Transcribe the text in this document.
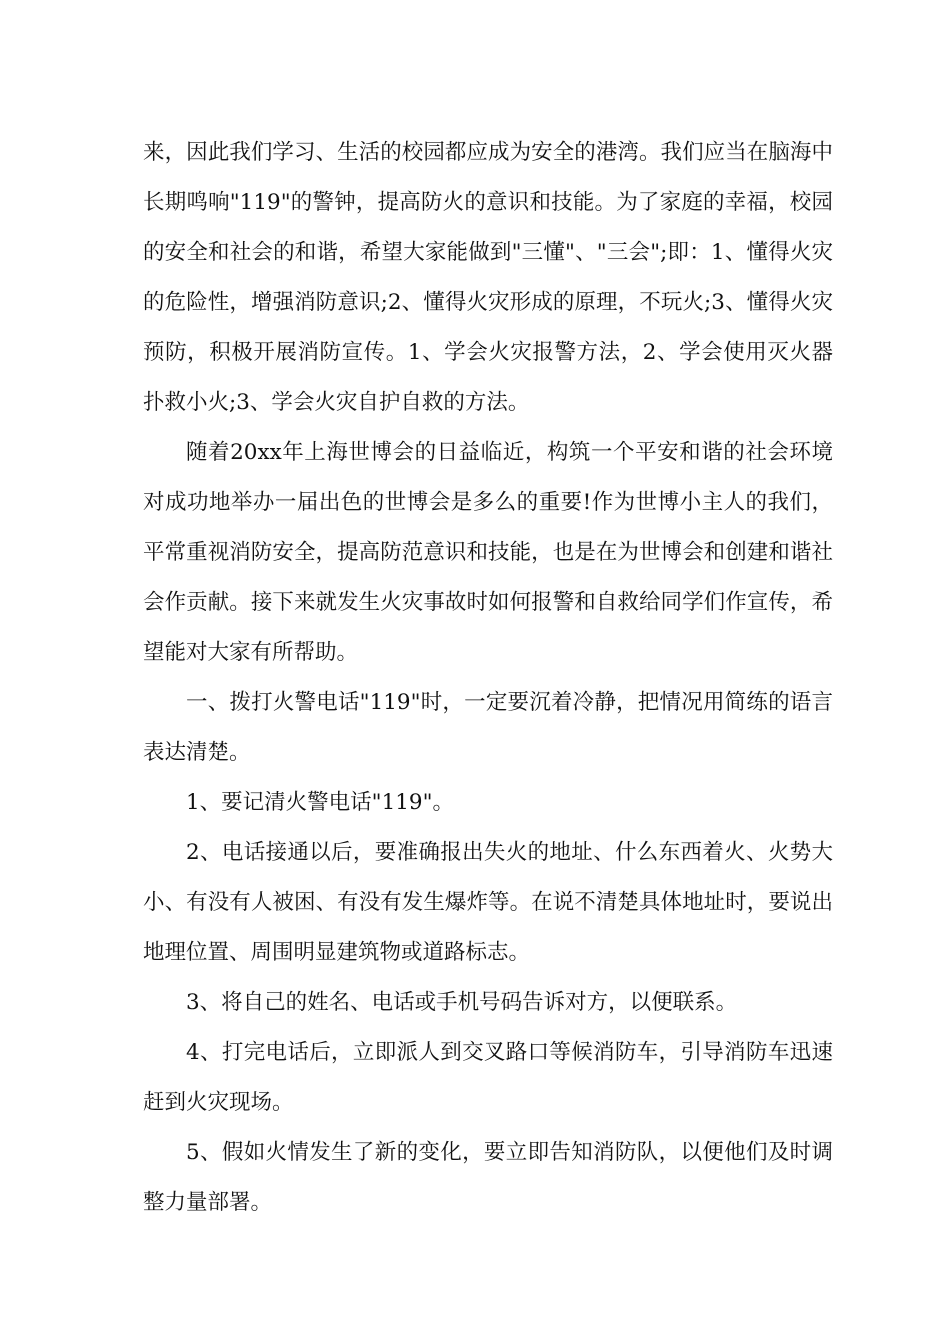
来，因此我们学习、生活的校园都应成为安全的港湾。我们应当在脑海中长期鸣响"119"的警钟，提高防火的意识和技能。为了家庭的幸福，校园的安全和社会的和谐，希望大家能做到"三懂"、"三会";即：1、懂得火灾的危险性，增强消防意识;2、懂得火灾形成的原理，不玩火;3、懂得火灾预防，积极开展消防宣传。1、学会火灾报警方法，2、学会使用灭火器扑救小火;3、学会火灾自护自救的方法。

随着20xx年上海世博会的日益临近，构筑一个平安和谐的社会环境对成功地举办一届出色的世博会是多么的重要!作为世博小主人的我们，平常重视消防安全，提高防范意识和技能，也是在为世博会和创建和谐社会作贡献。接下来就发生火灾事故时如何报警和自救给同学们作宣传，希望能对大家有所帮助。

一、拨打火警电话"119"时，一定要沉着冷静，把情况用简练的语言表达清楚。

1、要记清火警电话"119"。

2、电话接通以后，要准确报出失火的地址、什么东西着火、火势大小、有没有人被困、有没有发生爆炸等。在说不清楚具体地址时，要说出地理位置、周围明显建筑物或道路标志。

3、将自己的姓名、电话或手机号码告诉对方，以便联系。

4、打完电话后，立即派人到交叉路口等候消防车，引导消防车迅速赶到火灾现场。

5、假如火情发生了新的变化，要立即告知消防队，以便他们及时调整力量部署。
